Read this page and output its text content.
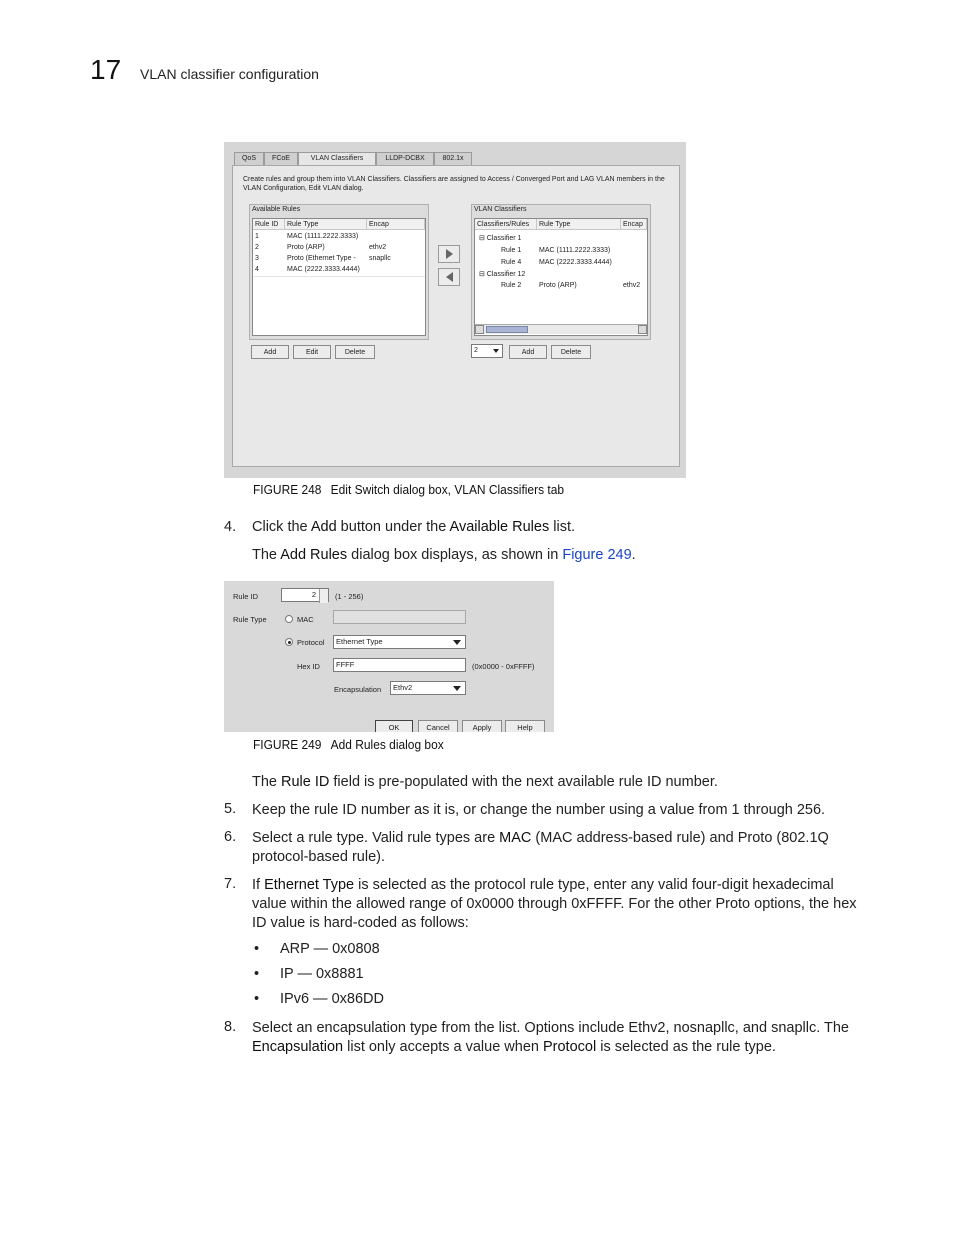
17 VLAN classifier configuration
QoS	FCoE	VLAN Classifiers	LLDP-DCBX	802.1x
Create rules and group them into VLAN Classifiers. Classifiers are assigned to Access / Converged Port and LAG VLAN members in the VLAN Configuration, Edit VLAN dialog.
Available Rules
Rule ID	Rule Type	Encap
1	MAC (1111.2222.3333)
2	Proto (ARP)	ethv2
3	Proto (Ethernet Type -	snapllc
4	MAC (2222.3333.4444)
Add	Edit	Delete
VLAN Classifiers
Classifiers/Rules	Rule Type	Encap
⊟ Classifier 1
Rule 1	MAC (1111.2222.3333)
Rule 4	MAC (2222.3333.4444)
⊟ Classifier 12
Rule 2	Proto (ARP)	ethv2
2	Add	Delete
FIGURE 248 Edit Switch dialog box, VLAN Classifiers tab
4. Click the Add button under the Available Rules list.
The Add Rules dialog box displays, as shown in Figure 249.
Rule ID	2	(1 - 256)
Rule Type	MAC
Protocol	Ethernet Type
Hex ID	FFFF	(0x0000 - 0xFFFF)
Encapsulation	Ethv2
OK	Cancel	Apply	Help
FIGURE 249 Add Rules dialog box
The Rule ID field is pre-populated with the next available rule ID number.
5. Keep the rule ID number as it is, or change the number using a value from 1 through 256.
6. Select a rule type. Valid rule types are MAC (MAC address-based rule) and Proto (802.1Q
protocol-based rule).
7. If Ethernet Type is selected as the protocol rule type, enter any valid four-digit hexadecimal
value within the allowed range of 0x0000 through 0xFFFF. For the other Proto options, the hex
ID value is hard-coded as follows:
• ARP — 0x0808
• IP — 0x8881
• IPv6 — 0x86DD
8. Select an encapsulation type from the list. Options include Ethv2, nosnapllc, and snapllc. The
Encapsulation list only accepts a value when Protocol is selected as the rule type.
